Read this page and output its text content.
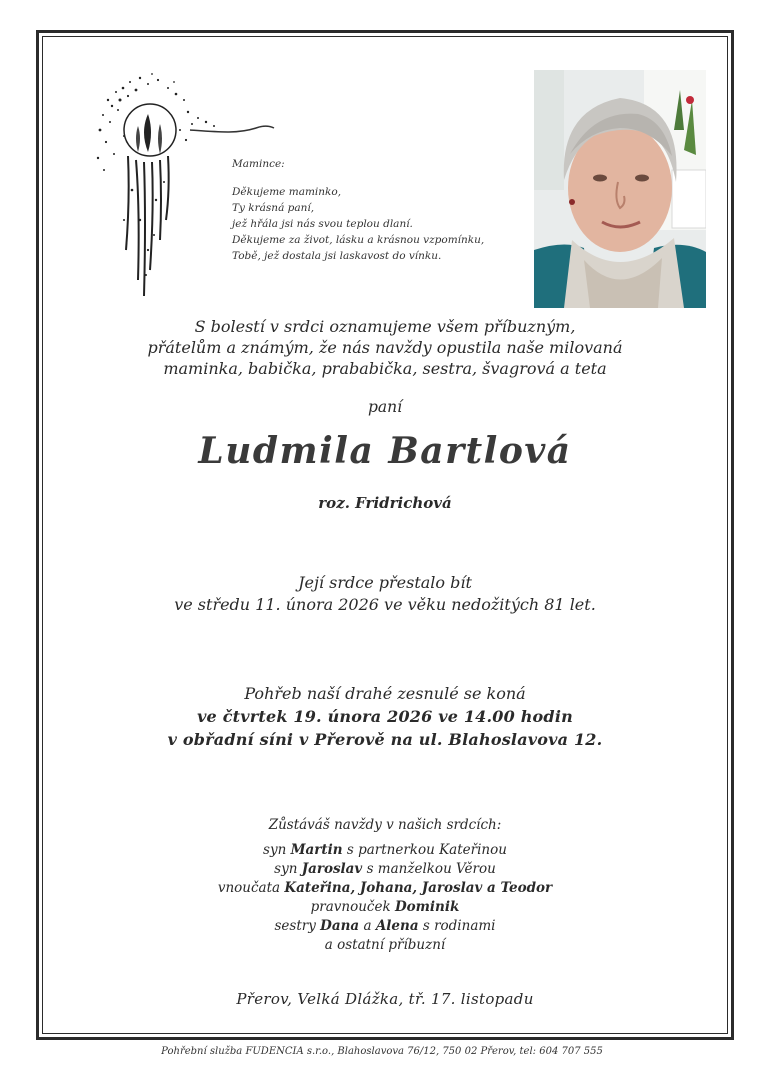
Mamince:
Děkujeme maminko,
Ty krásná paní,
jež hřála jsi nás svou teplou dlaní.
Děkujeme za život, lásku a krásnou vzpomínku,
Tobě, jež dostala jsi laskavost do vínku.
S bolestí v srdci oznamujeme všem příbuzným,
přátelům a známým, že nás navždy opustila naše milovaná
maminka, babička, prababička, sestra, švagrová a teta
paní
Ludmila Bartlová
roz. Fridrichová
Její srdce přestalo bít
ve středu 11. února 2026 ve věku nedožitých 81 let.
Pohřeb naší drahé zesnulé se koná
ve čtvrtek 19. února 2026 ve 14.00 hodin
v obřadní síni v Přerově na ul. Blahoslavova 12.
Zůstáváš navždy v našich srdcích:
syn Martin s partnerkou Kateřinou
syn Jaroslav s manželkou Věrou
vnoučata Kateřina, Johana, Jaroslav a Teodor
pravnouček Dominik
sestry Dana a Alena s rodinami
a ostatní příbuzní
Přerov, Velká Dlážka, tř. 17. listopadu
Pohřební služba FUDENCIA s.r.o., Blahoslavova 76/12, 750 02 Přerov, tel: 604 707 555
